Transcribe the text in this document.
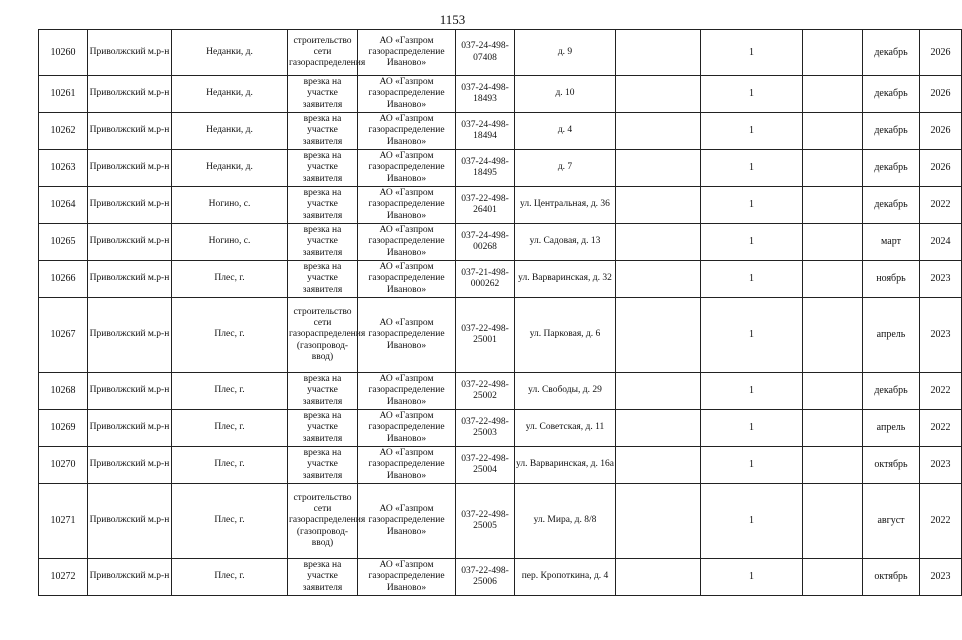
1153
10260	Приволжский м.р-н	Неданки, д.	строительство сети газораспределения	АО «Газпром газораспределение Иваново»	037-24-498-07408	д. 9		1		декабрь	2026
10261	Приволжский м.р-н	Неданки, д.	врезка на участке заявителя	АО «Газпром газораспределение Иваново»	037-24-498-18493	д. 10		1		декабрь	2026
10262	Приволжский м.р-н	Неданки, д.	врезка на участке заявителя	АО «Газпром газораспределение Иваново»	037-24-498-18494	д. 4		1		декабрь	2026
10263	Приволжский м.р-н	Неданки, д.	врезка на участке заявителя	АО «Газпром газораспределение Иваново»	037-24-498-18495	д. 7		1		декабрь	2026
10264	Приволжский м.р-н	Ногино, с.	врезка на участке заявителя	АО «Газпром газораспределение Иваново»	037-22-498-26401	ул. Центральная, д. 36		1		декабрь	2022
10265	Приволжский м.р-н	Ногино, с.	врезка на участке заявителя	АО «Газпром газораспределение Иваново»	037-24-498-00268	ул. Садовая, д. 13		1		март	2024
10266	Приволжский м.р-н	Плес, г.	врезка на участке заявителя	АО «Газпром газораспределение Иваново»	037-21-498-000262	ул. Варваринская, д. 32		1		ноябрь	2023
10267	Приволжский м.р-н	Плес, г.	строительство сети газораспределения (газопровод-ввод)	АО «Газпром газораспределение Иваново»	037-22-498-25001	ул. Парковая, д. 6		1		апрель	2023
10268	Приволжский м.р-н	Плес, г.	врезка на участке заявителя	АО «Газпром газораспределение Иваново»	037-22-498-25002	ул. Свободы, д. 29		1		декабрь	2022
10269	Приволжский м.р-н	Плес, г.	врезка на участке заявителя	АО «Газпром газораспределение Иваново»	037-22-498-25003	ул. Советская, д. 11		1		апрель	2022
10270	Приволжский м.р-н	Плес, г.	врезка на участке заявителя	АО «Газпром газораспределение Иваново»	037-22-498-25004	ул. Варваринская, д. 16а		1		октябрь	2023
10271	Приволжский м.р-н	Плес, г.	строительство сети газораспределения (газопровод-ввод)	АО «Газпром газораспределение Иваново»	037-22-498-25005	ул. Мира, д. 8/8		1		август	2022
10272	Приволжский м.р-н	Плес, г.	врезка на участке заявителя	АО «Газпром газораспределение Иваново»	037-22-498-25006	пер. Кропоткина, д. 4		1		октябрь	2023
